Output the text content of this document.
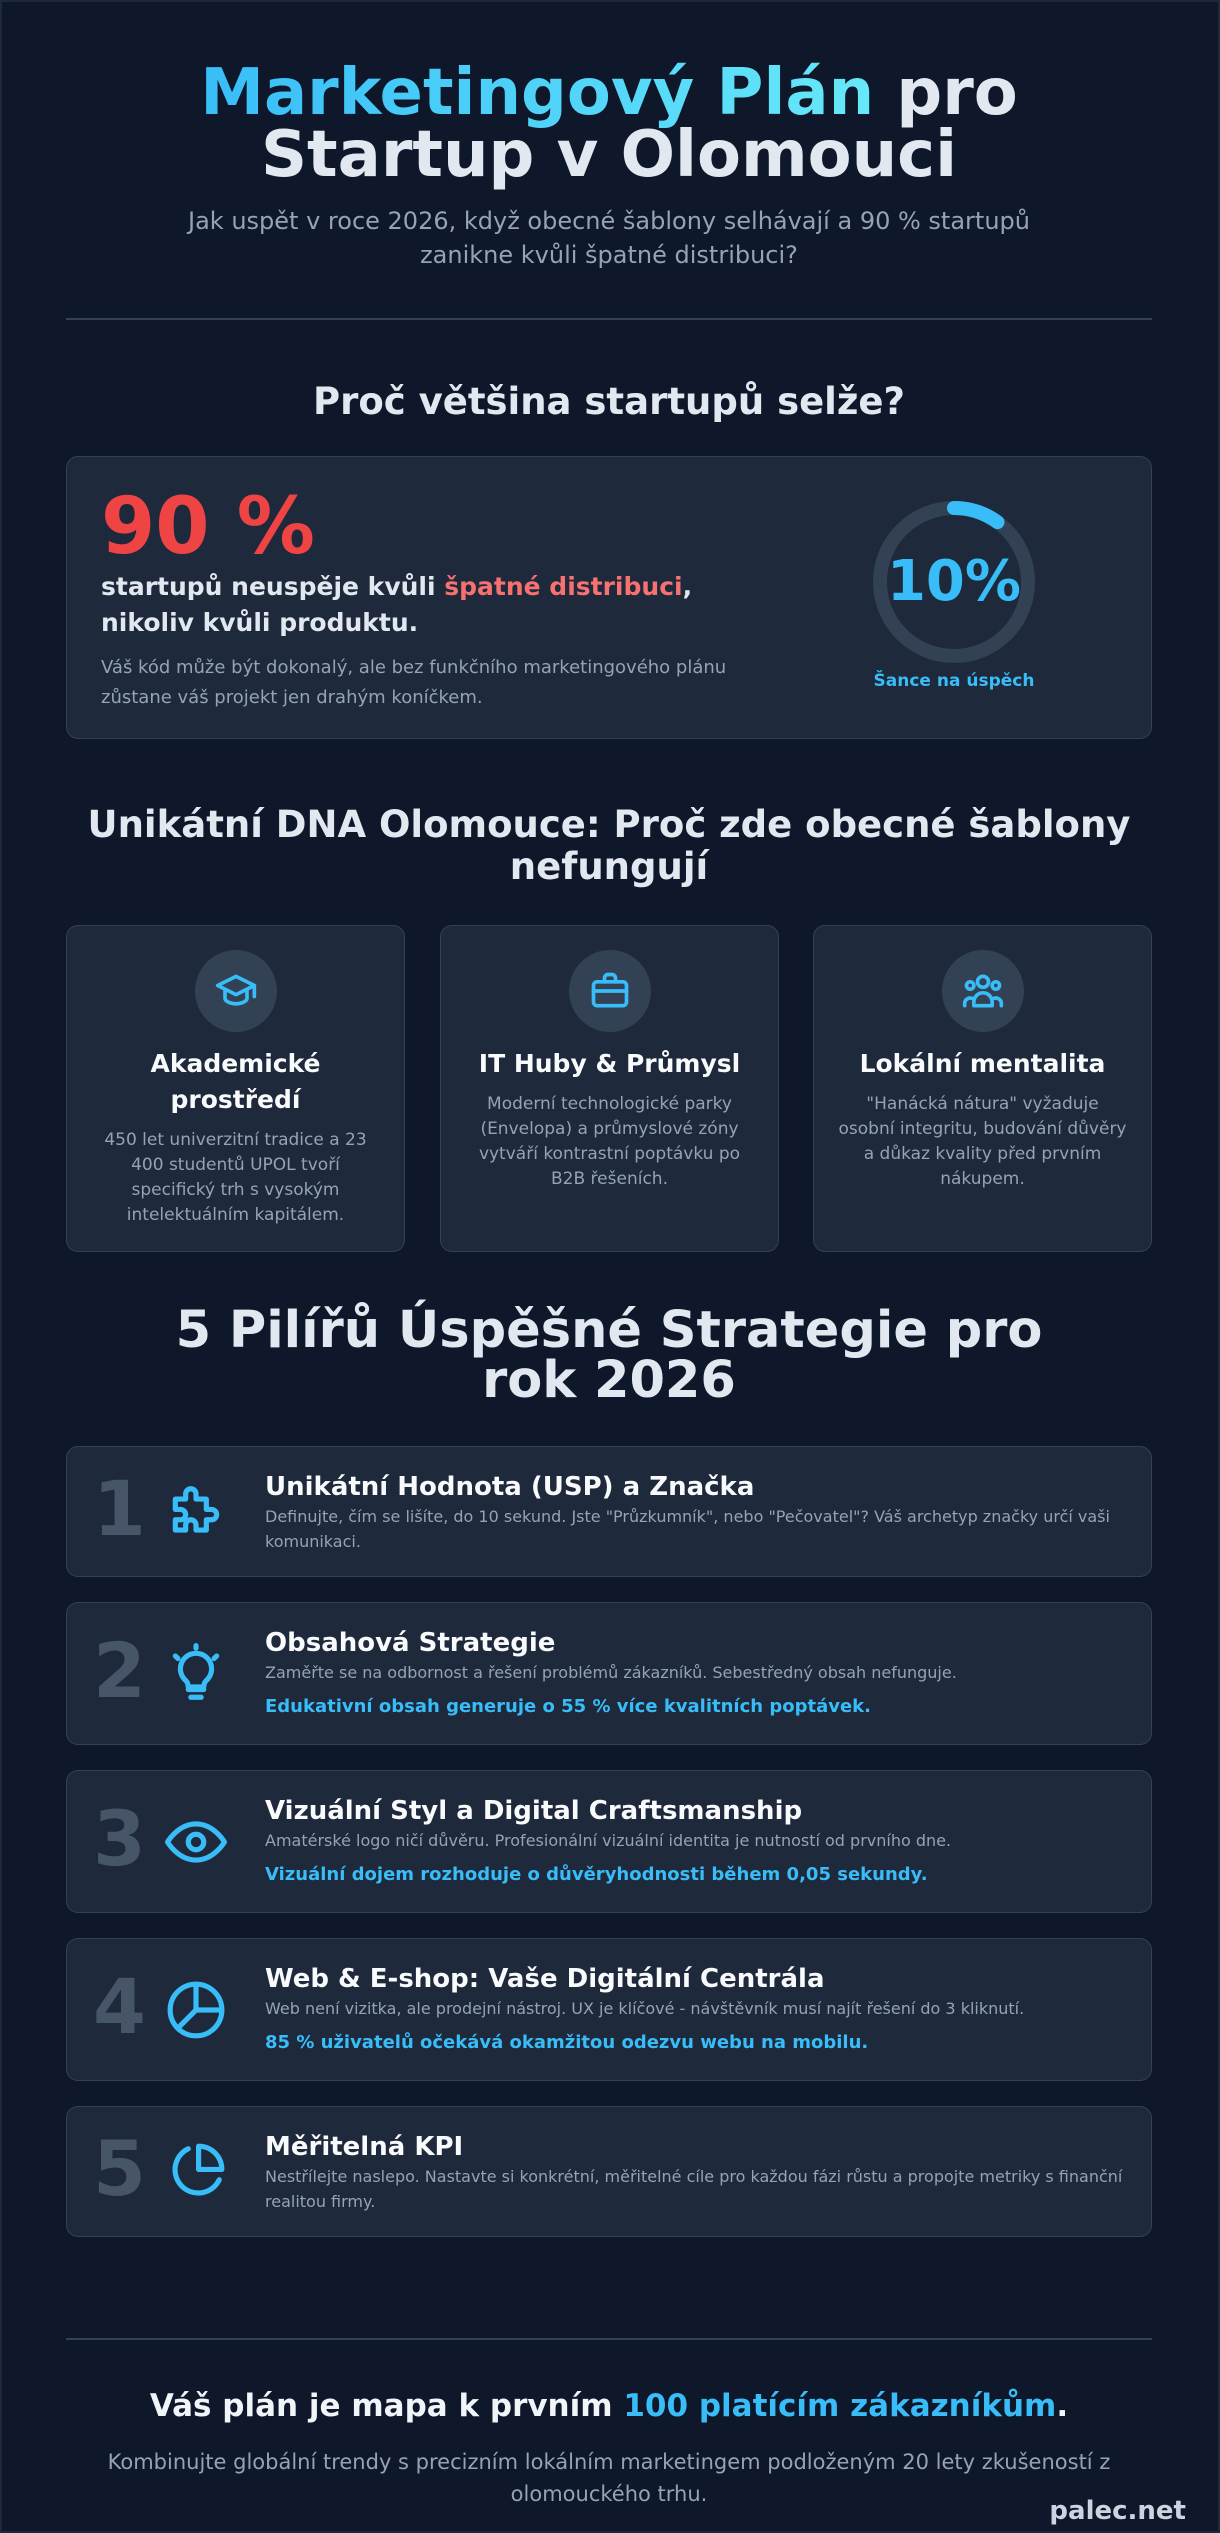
Marketingový Plán pro Startup v Olomouci

Jak uspět v roce 2026, když obecné šablony selhávají a 90 % startupů zanikne kvůli špatné distribuci?

Proč většina startupů selže?
90 %
startupů neuspěje kvůli špatné distribuci, nikoliv kvůli produktu.
Váš kód může být dokonalý, ale bez funkčního marketingového plánu zůstane váš projekt jen drahým koníčkem.
10%
Šance na úspěch
Unikátní DNA Olomouce: Proč zde obecné šablony nefungují
Akademické prostředí
450 let univerzitní tradice a 23 400 studentů UPOL tvoří specifický trh s vysokým intelektuálním kapitálem.
IT Huby & Průmysl
Moderní technologické parky (Envelopa) a průmyslové zóny vytváří kontrastní poptávku po B2B řešeních.
Lokální mentalita
"Hanácká nátura" vyžaduje osobní integritu, budování důvěry a důkaz kvality před prvním nákupem.
5 Pilířů Úspěšné Strategie pro rok 2026
1	Unikátní Hodnota (USP) a Značka
Definujte, čím se lišíte, do 10 sekund. Jste "Průzkumník", nebo "Pečovatel"? Váš archetyp značky určí vaši komunikaci.
2	Obsahová Strategie
Zaměřte se na odbornost a řešení problémů zákazníků. Sebestředný obsah nefunguje.
Edukativní obsah generuje o 55 % více kvalitních poptávek.
3	Vizuální Styl a Digital Craftsmanship
Amatérské logo ničí důvěru. Profesionální vizuální identita je nutností od prvního dne.
Vizuální dojem rozhoduje o důvěryhodnosti během 0,05 sekundy.
4	Web & E-shop: Vaše Digitální Centrála
Web není vizitka, ale prodejní nástroj. UX je klíčové - návštěvník musí najít řešení do 3 kliknutí.
85 % uživatelů očekává okamžitou odezvu webu na mobilu.
5	Měřitelná KPI
Nestřílejte naslepo. Nastavte si konkrétní, měřitelné cíle pro každou fázi růstu a propojte metriky s finanční realitou firmy.
Váš plán je mapa k prvním 100 platícím zákazníkům.

Kombinujte globální trendy s precizním lokálním marketingem podloženým 20 lety zkušeností z olomouckého trhu.

palec.net
